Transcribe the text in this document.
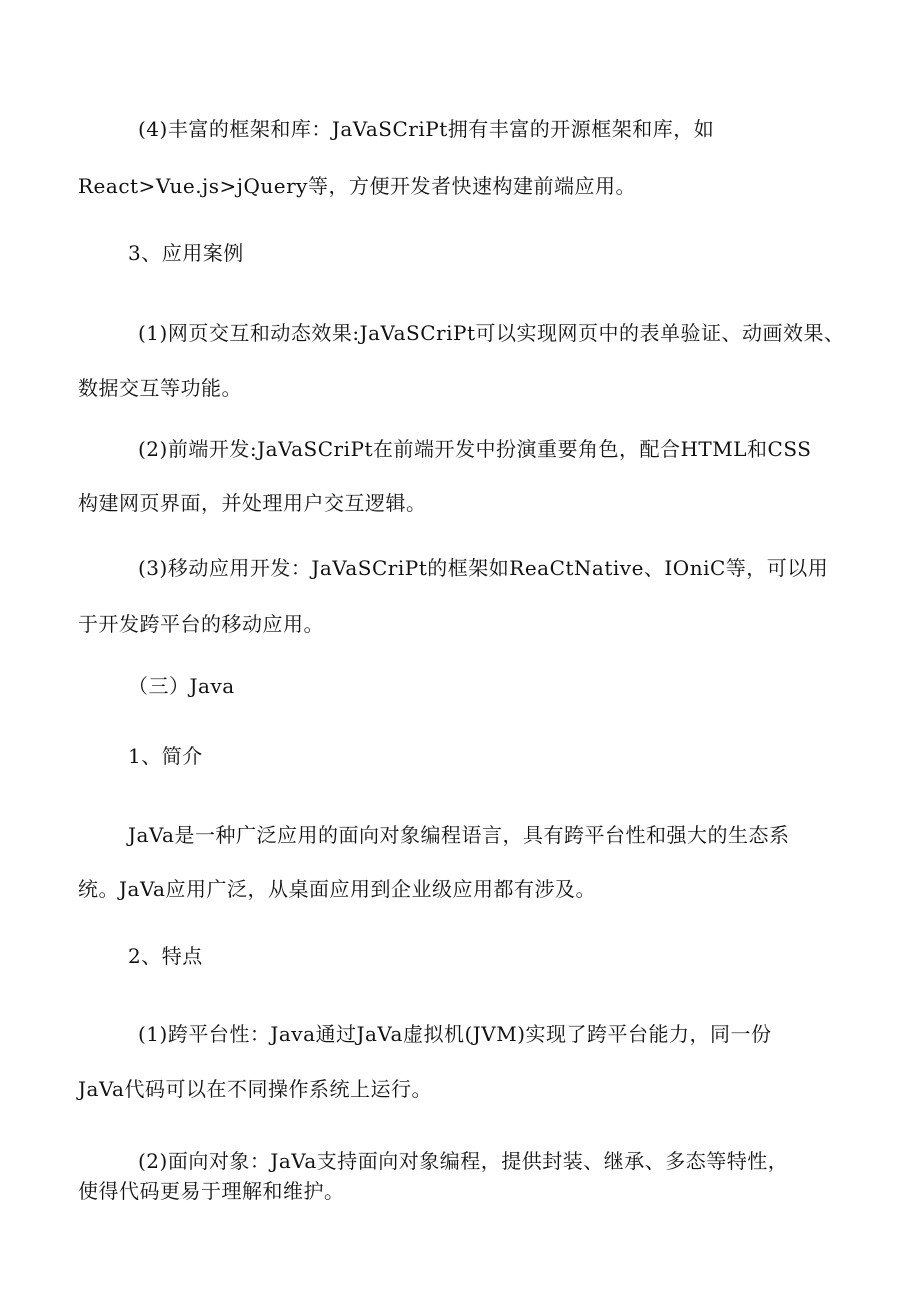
(4)丰富的框架和库：JaVaSCriPt拥有丰富的开源框架和库，如
React>Vue.js>jQuery等，方便开发者快速构建前端应用。
3、应用案例
(1)网页交互和动态效果:JaVaSCriPt可以实现网页中的表单验证、动画效果、
数据交互等功能。
(2)前端开发:JaVaSCriPt在前端开发中扮演重要角色，配合HTML和CSS
构建网页界面，并处理用户交互逻辑。
(3)移动应用开发：JaVaSCriPt的框架如ReaCtNative、IOniC等，可以用
于开发跨平台的移动应用。
（三）Java
1、简介
JaVa是一种广泛应用的面向对象编程语言，具有跨平台性和强大的生态系
统。JaVa应用广泛，从桌面应用到企业级应用都有涉及。
2、特点
(1)跨平台性：Java通过JaVa虚拟机(JVM)实现了跨平台能力，同一份
JaVa代码可以在不同操作系统上运行。
(2)面向对象：JaVa支持面向对象编程，提供封装、继承、多态等特性，
使得代码更易于理解和维护。
